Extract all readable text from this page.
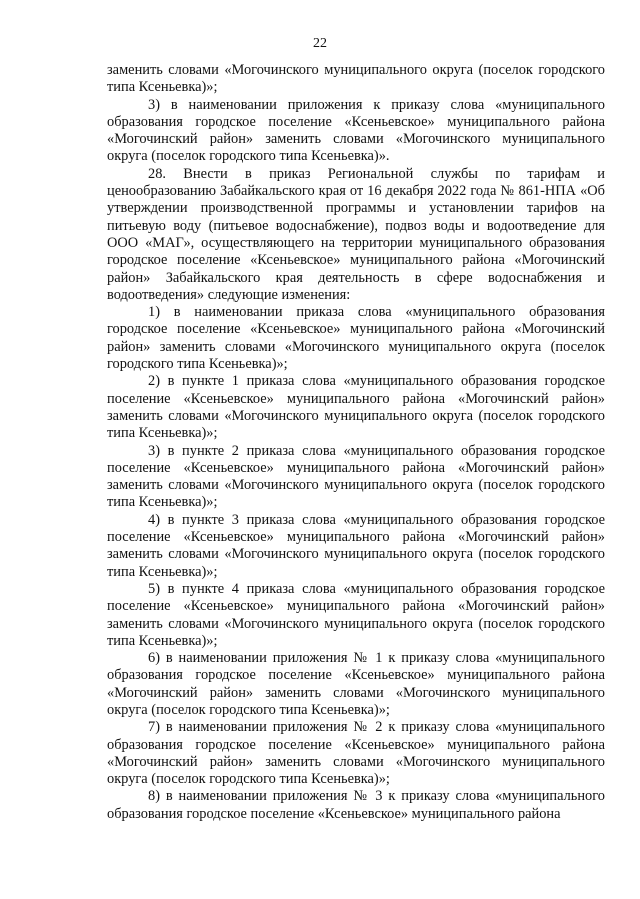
22

заменить словами «Могочинского муниципального округа (поселок городского типа Ксеньевка)»;

3) в наименовании приложения к приказу слова «муниципального образования городское поселение «Ксеньевское» муниципального района «Могочинский район» заменить словами «Могочинского муниципального округа (поселок городского типа Ксеньевка)».

28. Внести в приказ Региональной службы по тарифам и ценообразованию Забайкальского края от 16 декабря 2022 года № 861-НПА «Об утверждении производственной программы и установлении тарифов на питьевую воду (питьевое водоснабжение), подвоз воды и водоотведение для ООО «МАГ», осуществляющего на территории муниципального образования городское поселение «Ксеньевское» муниципального района «Могочинский район» Забайкальского края деятельность в сфере водоснабжения и водоотведения» следующие изменения:

1) в наименовании приказа слова «муниципального образования городское поселение «Ксеньевское» муниципального района «Могочинский район» заменить словами «Могочинского муниципального округа (поселок городского типа Ксеньевка)»;

2) в пункте 1 приказа слова «муниципального образования городское поселение «Ксеньевское» муниципального района «Могочинский район» заменить словами «Могочинского муниципального округа (поселок городского типа Ксеньевка)»;

3) в пункте 2 приказа слова «муниципального образования городское поселение «Ксеньевское» муниципального района «Могочинский район» заменить словами «Могочинского муниципального округа (поселок городского типа Ксеньевка)»;

4) в пункте 3 приказа слова «муниципального образования городское поселение «Ксеньевское» муниципального района «Могочинский район» заменить словами «Могочинского муниципального округа (поселок городского типа Ксеньевка)»;

5) в пункте 4 приказа слова «муниципального образования городское поселение «Ксеньевское» муниципального района «Могочинский район» заменить словами «Могочинского муниципального округа (поселок городского типа Ксеньевка)»;

6) в наименовании приложения № 1 к приказу слова «муниципального образования городское поселение «Ксеньевское» муниципального района «Могочинский район» заменить словами «Могочинского муниципального округа (поселок городского типа Ксеньевка)»;

7) в наименовании приложения № 2 к приказу слова «муниципального образования городское поселение «Ксеньевское» муниципального района «Могочинский район» заменить словами «Могочинского муниципального округа (поселок городского типа Ксеньевка)»;

8) в наименовании приложения № 3 к приказу слова «муниципального образования городское поселение «Ксеньевское» муниципального района
